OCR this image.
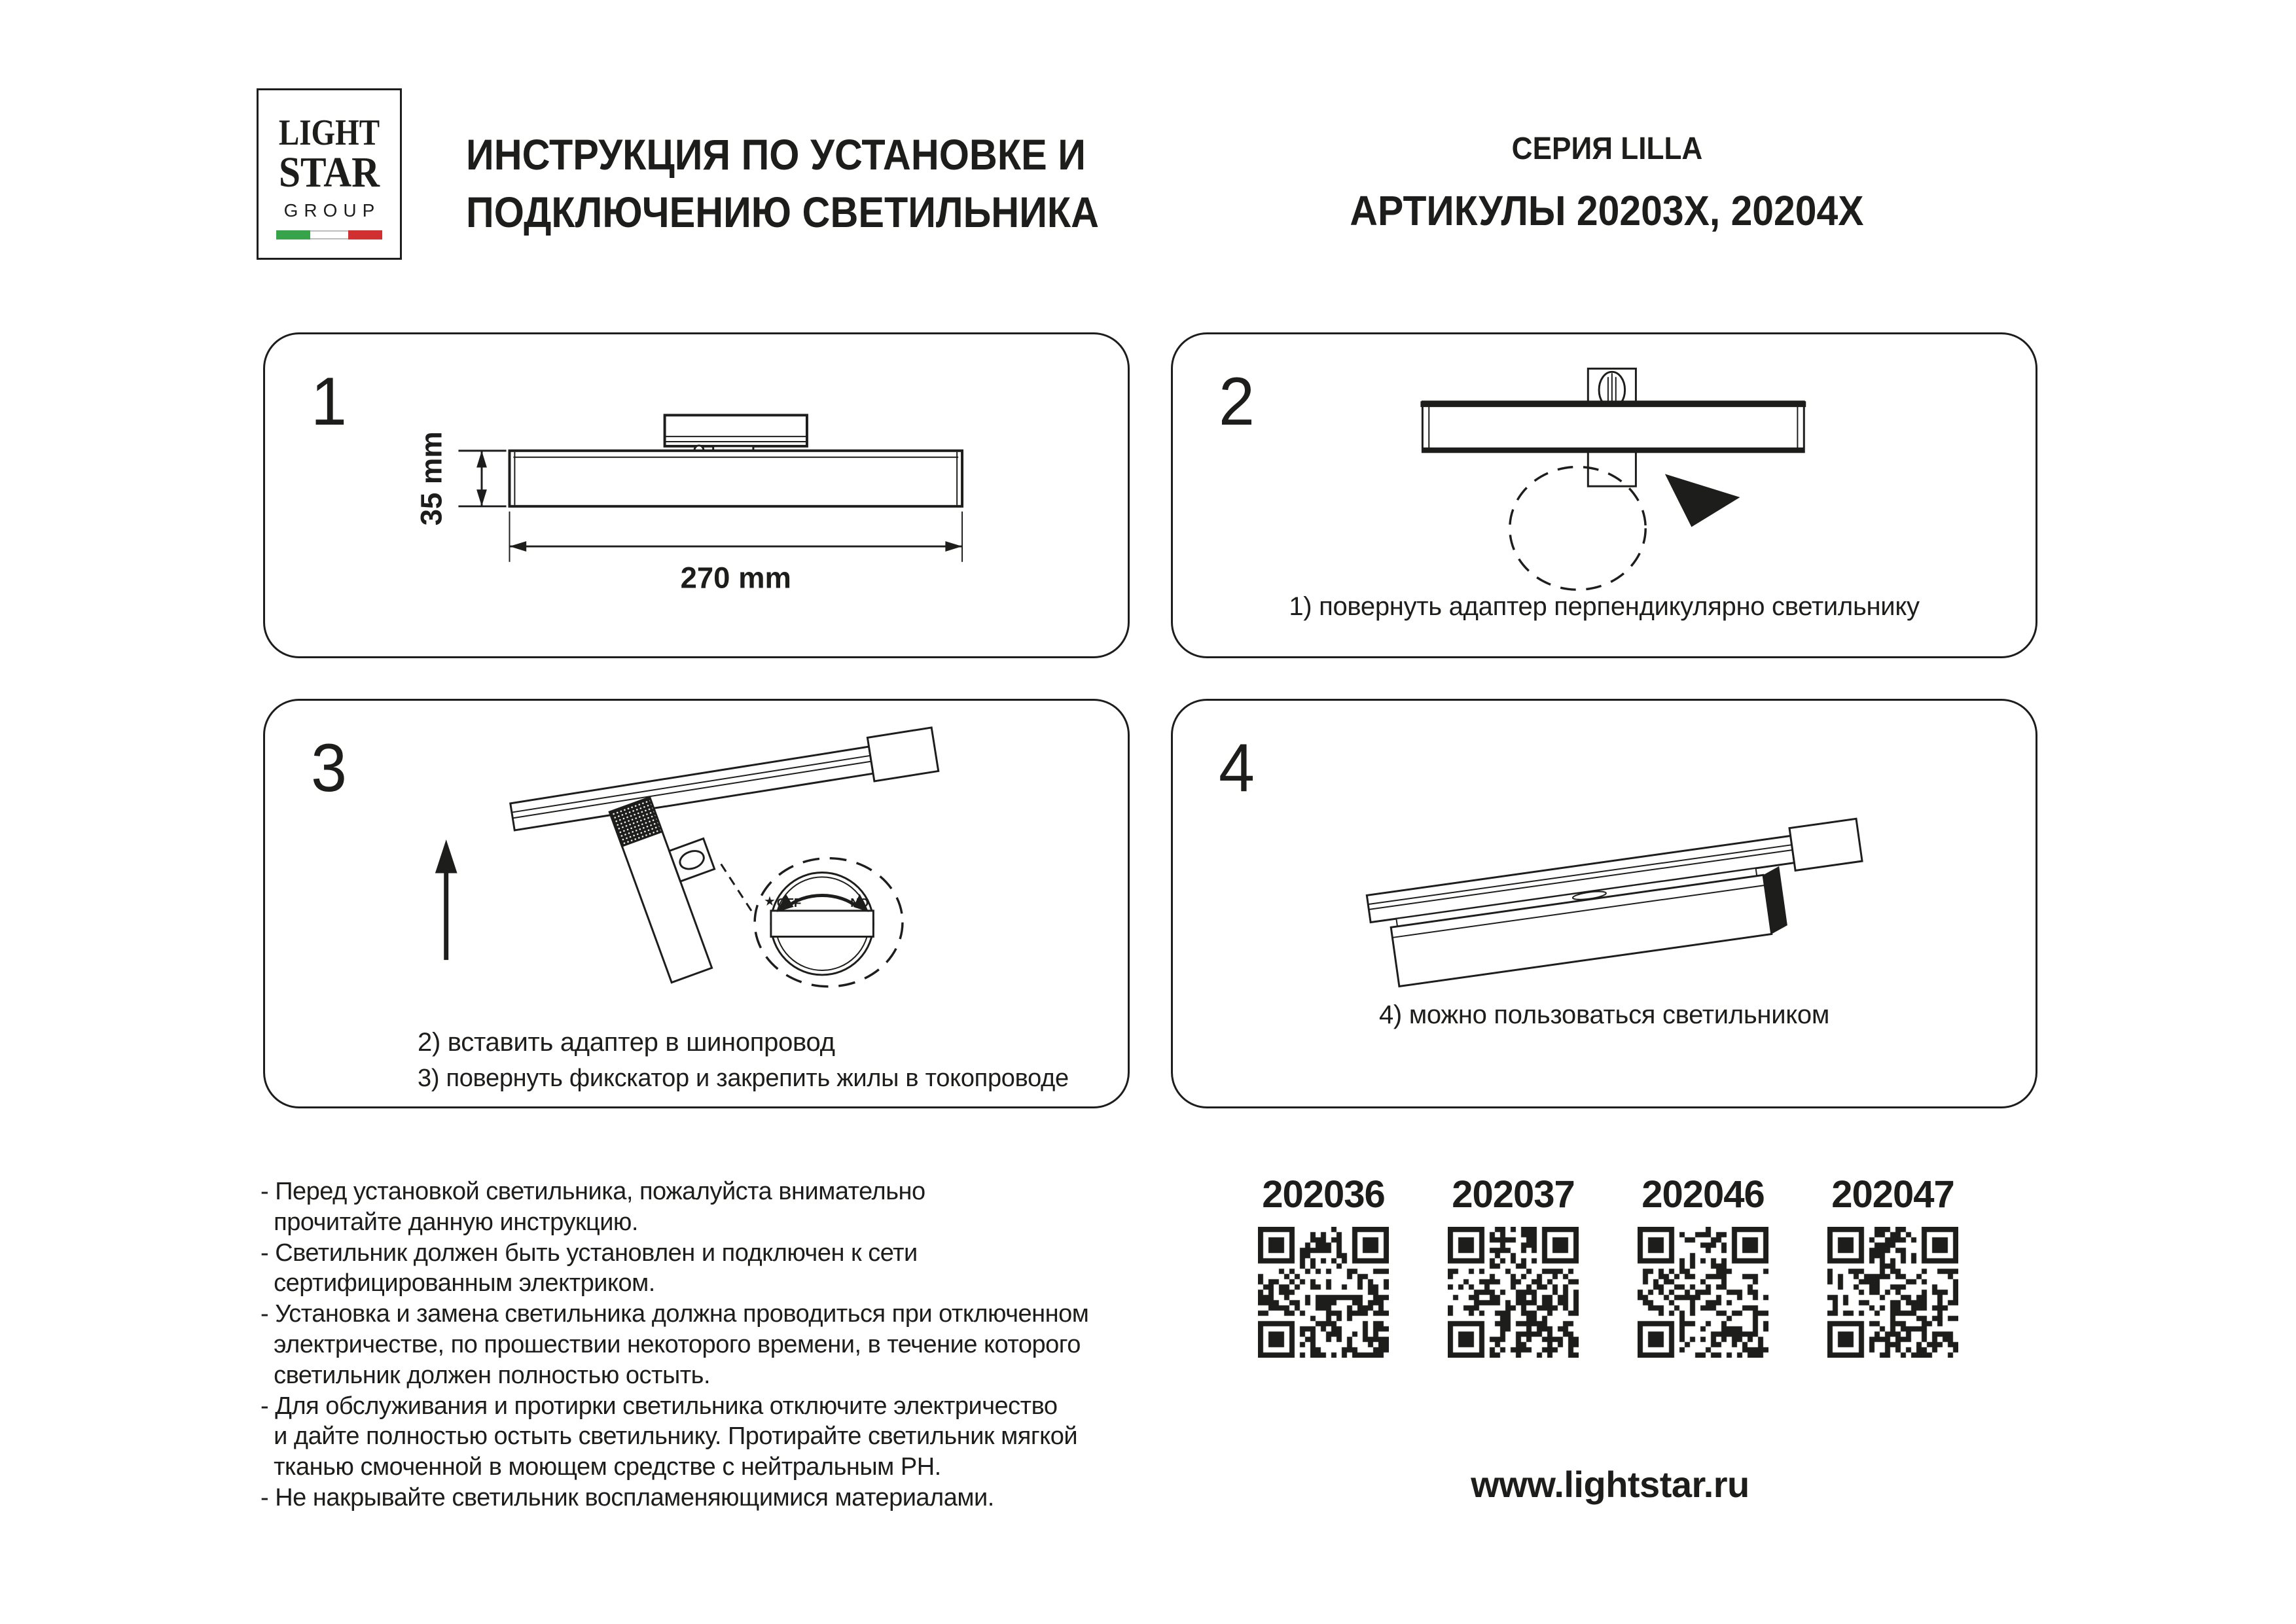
LIGHT
STAR
GROUP
ИНСТРУКЦИЯ ПО УСТАНОВКЕ И
ПОДКЛЮЧЕНИЮ СВЕТИЛЬНИКА
СЕРИЯ LILLA
АРТИКУЛЫ 20203X, 20204X
1
35 mm
270 mm
2
1) повернуть адаптер перпендикулярно светильнику
3
★ OFF	NO
2) вставить адаптер в шинопровод
3) повернуть фикскатор и закрепить жилы в токопроводе
4
4) можно пользоваться светильником
- Перед установкой светильника, пожалуйста внимательно
прочитайте данную инструкцию.
- Светильник должен быть установлен и подключен к сети
сертифицированным электриком.
- Установка и замена светильника должна проводиться при отключенном
электричестве, по прошествии некоторого времени, в течение которого
светильник должен полностью остыть.
- Для обслуживания и протирки светильника отключите электричество
и дайте полностью остыть светильнику. Протирайте светильник мягкой
тканью смоченной в моющем средстве с нейтральным PH.
- Не накрывайте светильник воспламеняющимися материалами.
202036 202037 202046 202047
www.lightstar.ru
